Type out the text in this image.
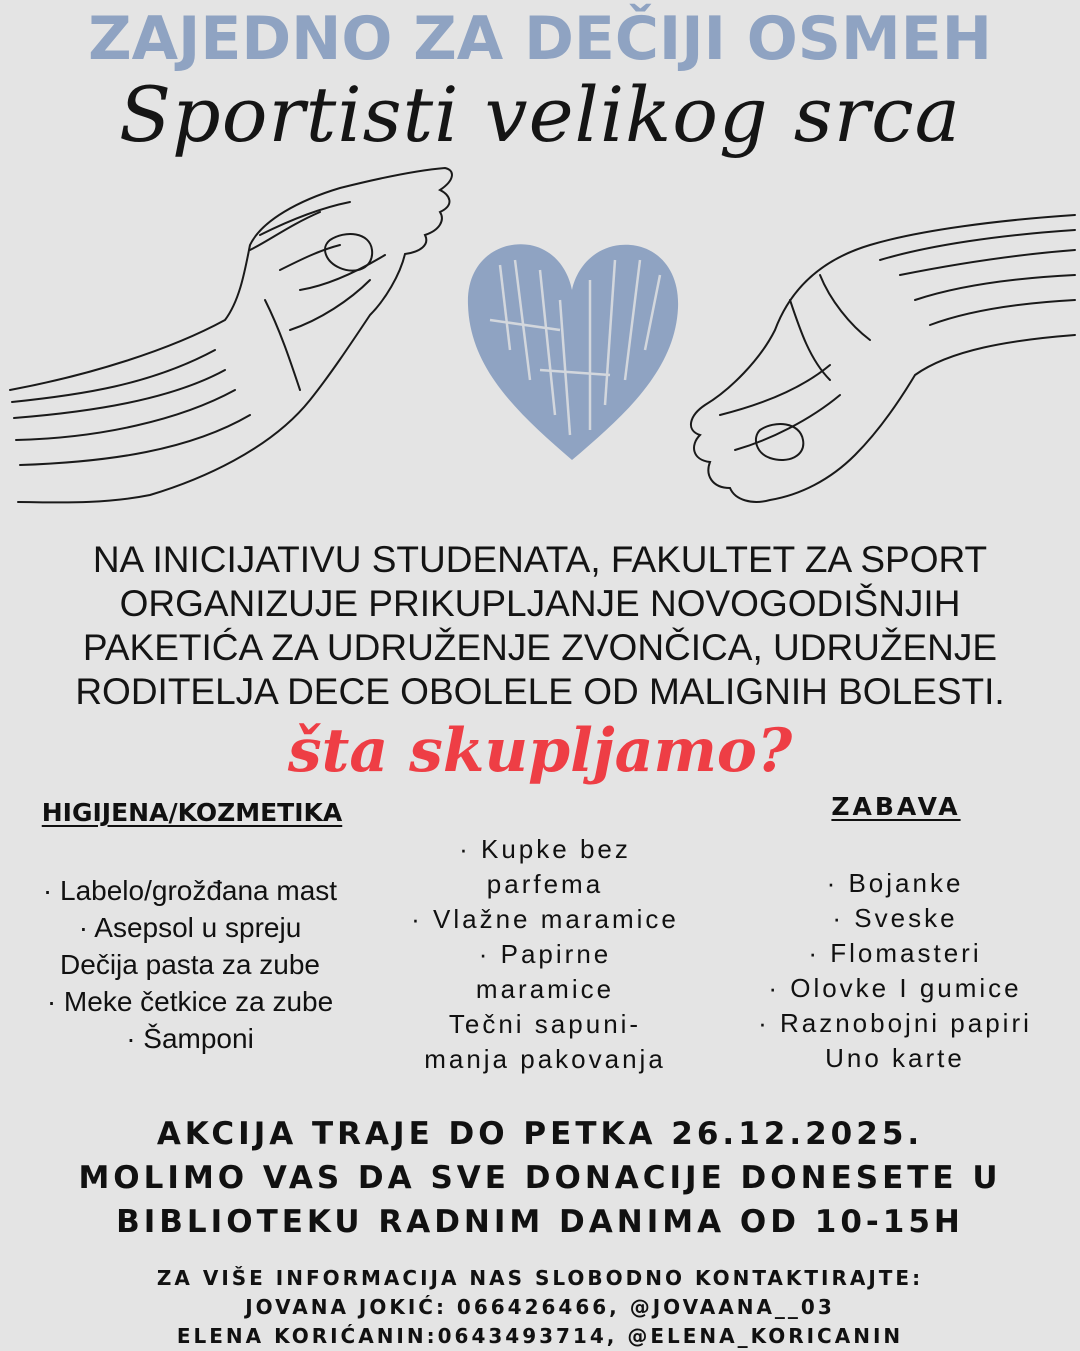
ZAJEDNO ZA DEČIJI OSMEH
Sportisti velikog srca
NA INICIJATIVU STUDENATA, FAKULTET ZA SPORT
ORGANIZUJE PRIKUPLJANJE NOVOGODIŠNJIH
PAKETIĆA ZA UDRUŽENJE ZVONČICA, UDRUŽENJE
RODITELJA DECE OBOLELE OD MALIGNIH BOLESTI.
šta skupljamo?
HIGIJENA/KOZMETIKA	ZABAVA
· Labelo/grožđana mast
· Asepsol u spreju
Dečija pasta za zube
· Meke četkice za zube
· Šamponi
· Kupke bez
parfema
· Vlažne maramice
· Papirne
maramice
Tečni sapuni-
manja pakovanja
· Bojanke
· Sveske
· Flomasteri
· Olovke I gumice
· Raznobojni papiri
Uno karte
AKCIJA TRAJE DO PETKA 26.12.2025.
MOLIMO VAS DA SVE DONACIJE DONESETE U
BIBLIOTEKU RADNIM DANIMA OD 10-15H
ZA VIŠE INFORMACIJA NAS SLOBODNO KONTAKTIRAJTE:
JOVANA JOKIĆ: 066426466, @JOVAANA__03
ELENA KORIĆANIN:0643493714, @ELENA_KORICANIN
